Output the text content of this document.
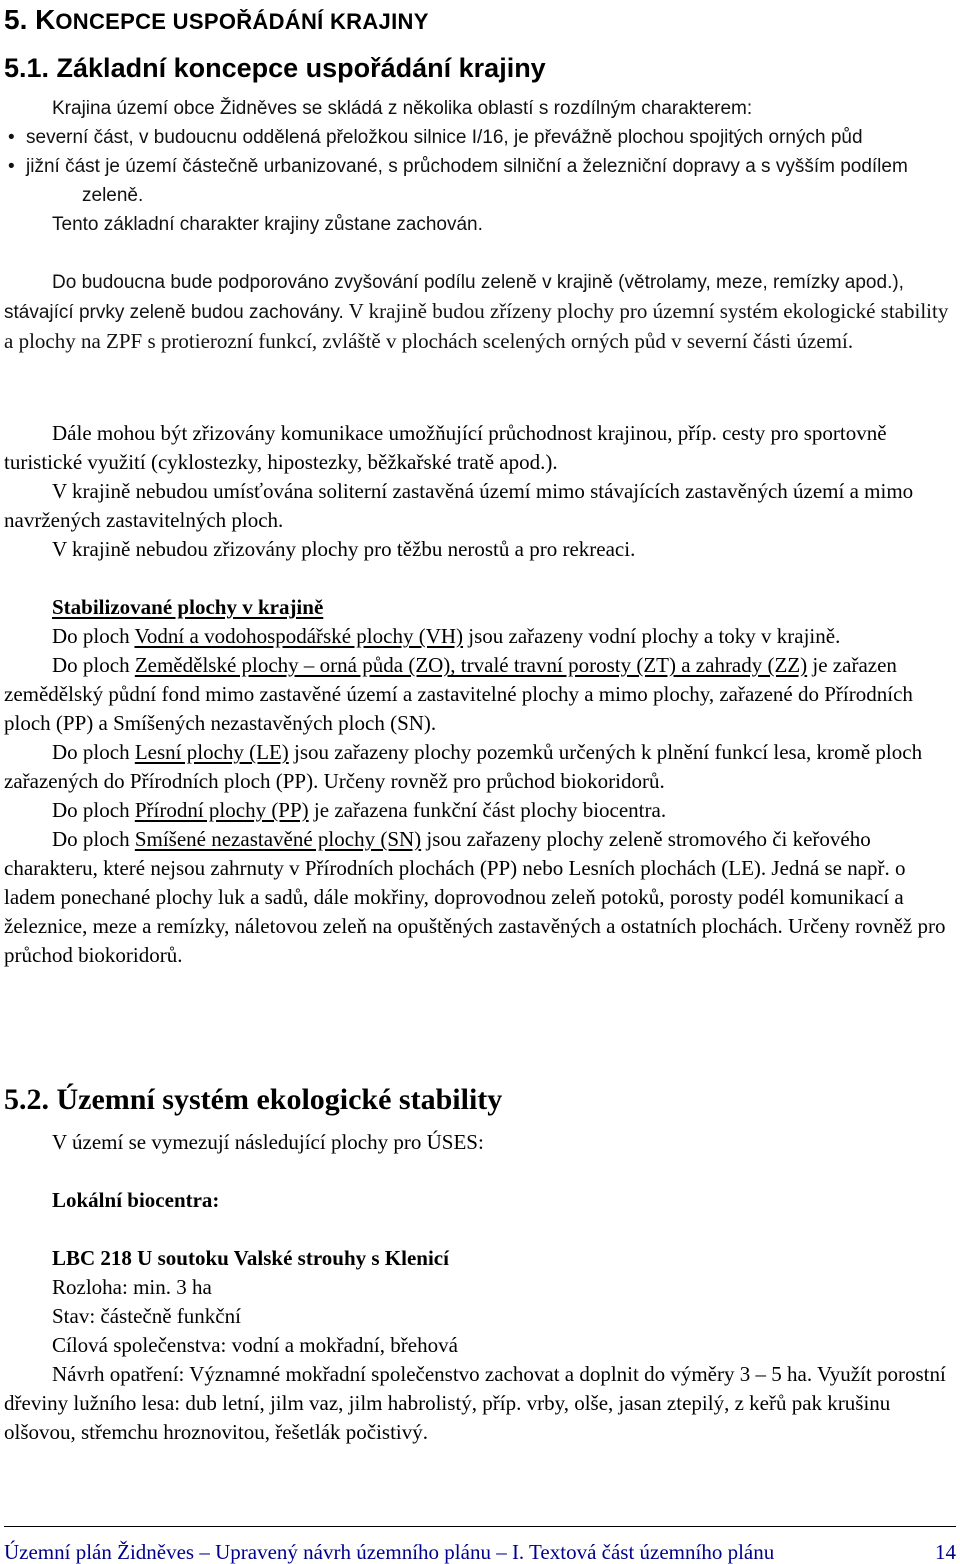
5. KONCEPCE USPOŘÁDÁNÍ KRAJINY
5.1. Základní koncepce uspořádání krajiny

Krajina území obce Židněves se skládá z několika oblastí s rozdílným charakterem:

• severní část, v budoucnu oddělená přeložkou silnice I/16, je převážně plochou spojitých orných půd
• jižní část je území částečně urbanizované, s průchodem silniční a železniční dopravy a s vyšším podílem zeleně.

Tento základní charakter krajiny zůstane zachován.

Do budoucna bude podporováno zvyšování podílu zeleně v krajině (větrolamy, meze, remízky apod.), stávající prvky zeleně budou zachovány. V krajině budou zřízeny plochy pro územní systém ekologické stability a plochy na ZPF s protierozní funkcí, zvláště v plochách scelených orných půd v severní části území.

Dále mohou být zřizovány komunikace umožňující průchodnost krajinou, příp. cesty pro sportovně turistické využití (cyklostezky, hipostezky, běžkařské tratě apod.).

V krajině nebudou umísťována soliterní zastavěná území mimo stávajících zastavěných území a mimo navržených zastavitelných ploch.

V krajině nebudou zřizovány plochy pro těžbu nerostů a pro rekreaci.

Stabilizované plochy v krajině

Do ploch Vodní a vodohospodářské plochy (VH) jsou zařazeny vodní plochy a toky v krajině.

Do ploch Zemědělské plochy – orná půda (ZO), trvalé travní porosty (ZT) a zahrady (ZZ) je zařazen zemědělský půdní fond mimo zastavěné území a zastavitelné plochy a mimo plochy, zařazené do Přírodních ploch (PP) a Smíšených nezastavěných ploch (SN).

Do ploch Lesní plochy (LE) jsou zařazeny plochy pozemků určených k plnění funkcí lesa, kromě ploch zařazených do Přírodních ploch (PP). Určeny rovněž pro průchod biokoridorů.

Do ploch Přírodní plochy (PP) je zařazena funkční část plochy biocentra.

Do ploch Smíšené nezastavěné plochy (SN) jsou zařazeny plochy zeleně stromového či keřového charakteru, které nejsou zahrnuty v Přírodních plochách (PP) nebo Lesních plochách (LE). Jedná se např. o ladem ponechané plochy luk a sadů, dále mokřiny, doprovodnou zeleň potoků, porosty podél komunikací a železnice, meze a remízky, náletovou zeleň na opuštěných zastavěných a ostatních plochách. Určeny rovněž pro průchod biokoridorů.

5.2. Územní systém ekologické stability

V území se vymezují následující plochy pro ÚSES:

Lokální biocentra:

LBC 218 U soutoku Valské strouhy s Klenicí

Rozloha: min. 3 ha

Stav: částečně funkční

Cílová společenstva: vodní a mokřadní, břehová

Návrh opatření: Významné mokřadní společenstvo zachovat a doplnit do výměry 3 – 5 ha. Využít porostní dřeviny lužního lesa: dub letní, jilm vaz, jilm habrolistý, příp. vrby, olše, jasan ztepilý, z keřů pak krušinu olšovou, střemchu hroznovitou, řešetlák počistivý.

Územní plán Židněves – Upravený návrh územního plánu – I. Textová část územního plánu	14
